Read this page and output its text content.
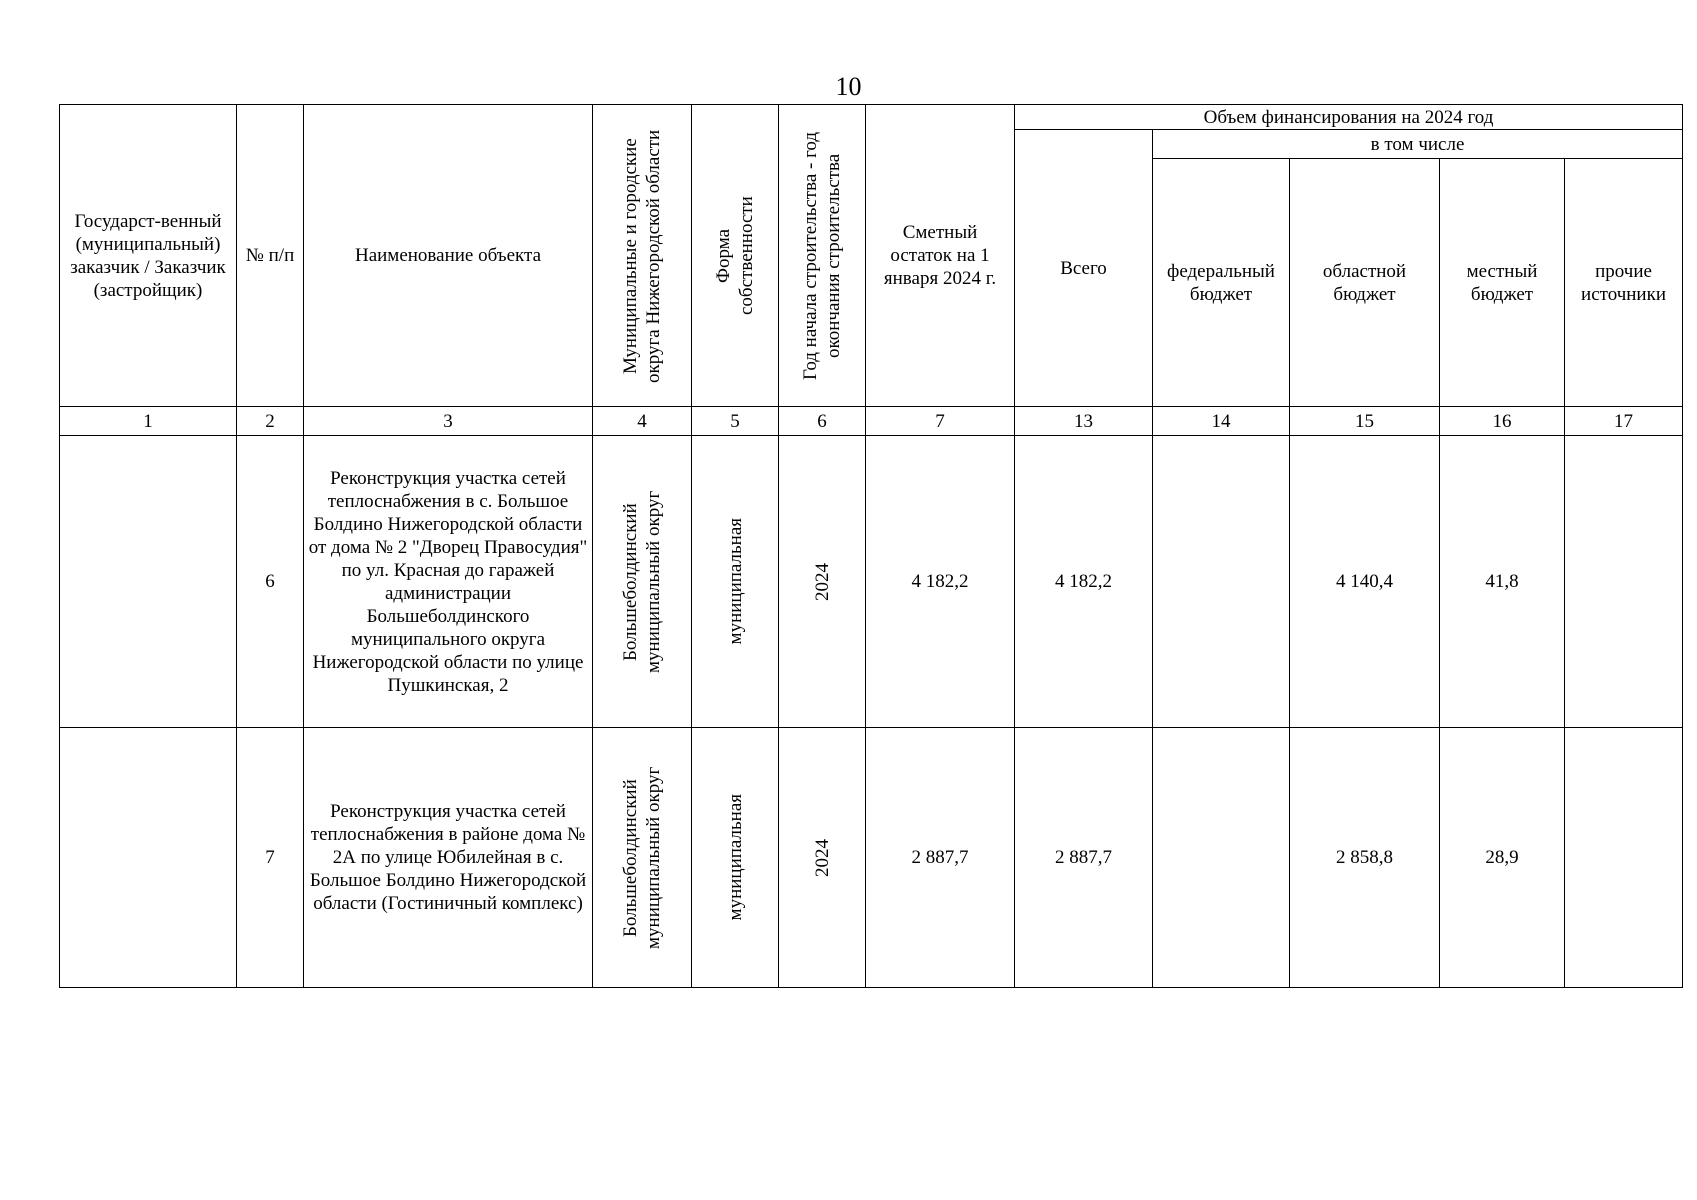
10
Государст-венный (муниципальный) заказчик / Заказчик (застройщик)	№ п/п	Наименование объекта	Муниципальные и городские округа Нижегородской области	Форма собственности	Год начала строительства - год окончания строительства	Сметный остаток на 1 января 2024 г.	Объем финансирования на 2024 год				
							Всего	в том числе			
								федеральный бюджет	областной бюджет	местный бюджет	прочие источники
1	2	3	4	5	6	7	13	14	15	16	17
	6	Реконструкция участка сетей теплоснабжения в с. Большое Болдино Нижегородской области от дома № 2 "Дворец Правосудия" по ул. Красная до гаражей администрации Большеболдинского муниципального округа Нижегородской области по улице Пушкинская, 2	Большеболдинский муниципальный округ	муниципальная	2024	4 182,2	4 182,2		4 140,4	41,8	
	7	Реконструкция участка сетей теплоснабжения в районе дома № 2А по улице Юбилейная в с. Большое Болдино Нижегородской области (Гостиничный комплекс)	Большеболдинский муниципальный округ	муниципальная	2024	2 887,7	2 887,7		2 858,8	28,9	
